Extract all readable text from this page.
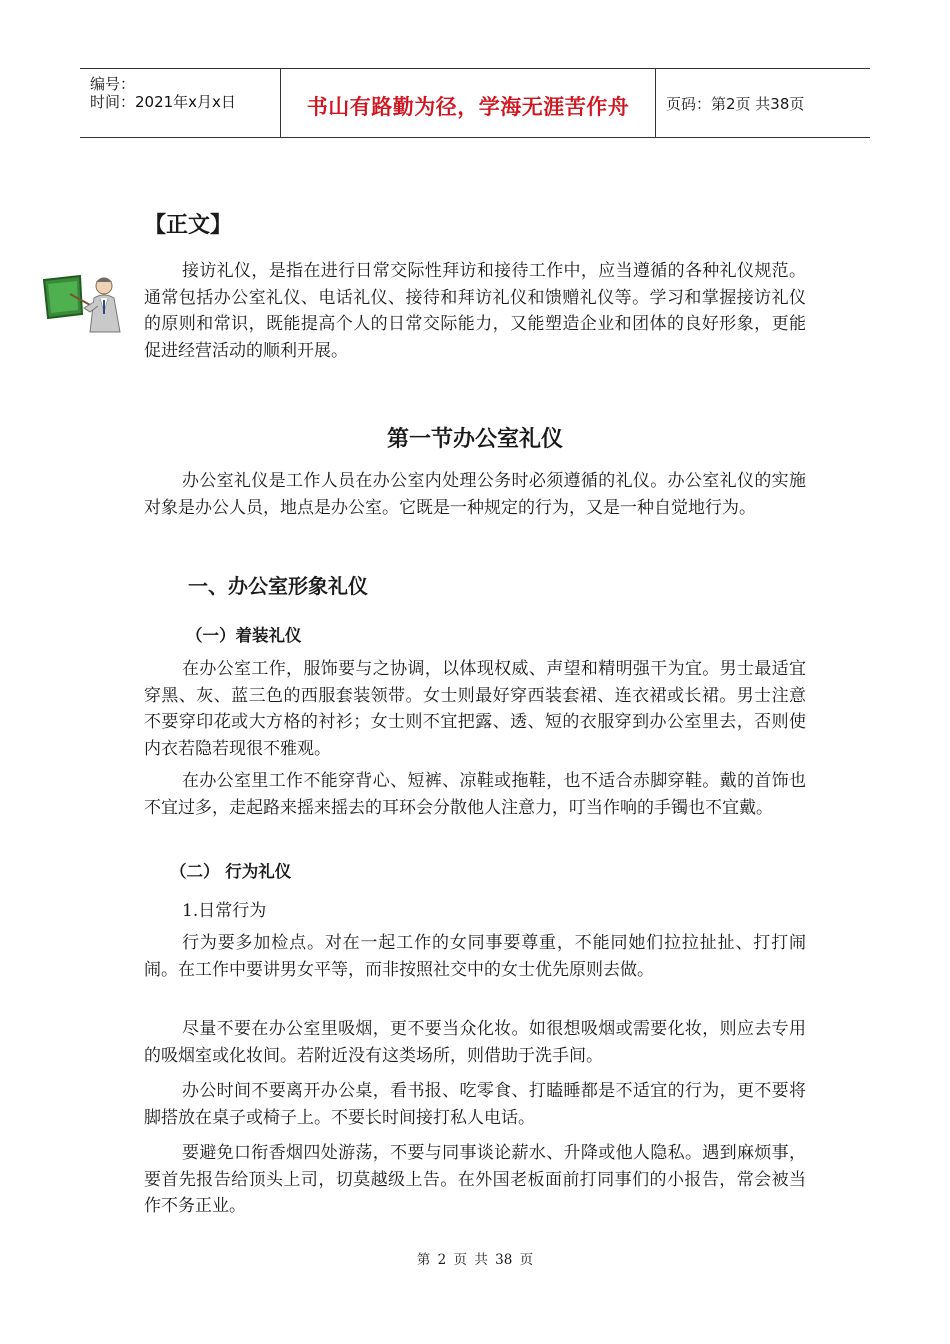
编号：
时间：2021年x月x日	书山有路勤为径，学海无涯苦作舟	页码：第2页 共38页
【正文】
接访礼仪，是指在进行日常交际性拜访和接待工作中，应当遵循的各种礼仪规范。通常包括办公室礼仪、电话礼仪、接待和拜访礼仪和馈赠礼仪等。学习和掌握接访礼仪的原则和常识，既能提高个人的日常交际能力，又能塑造企业和团体的良好形象，更能促进经营活动的顺利开展。
第一节办公室礼仪
办公室礼仪是工作人员在办公室内处理公务时必须遵循的礼仪。办公室礼仪的实施对象是办公人员，地点是办公室。它既是一种规定的行为，又是一种自觉地行为。
一、办公室形象礼仪
（一）着装礼仪
在办公室工作，服饰要与之协调，以体现权威、声望和精明强干为宜。男士最适宜穿黑、灰、蓝三色的西服套装领带。女士则最好穿西装套裙、连衣裙或长裙。男士注意不要穿印花或大方格的衬衫；女士则不宜把露、透、短的衣服穿到办公室里去，否则使内衣若隐若现很不雅观。
在办公室里工作不能穿背心、短裤、凉鞋或拖鞋，也不适合赤脚穿鞋。戴的首饰也不宜过多，走起路来摇来摇去的耳环会分散他人注意力，叮当作响的手镯也不宜戴。
（二） 行为礼仪
1.日常行为
行为要多加检点。对在一起工作的女同事要尊重，不能同她们拉拉扯扯、打打闹闹。在工作中要讲男女平等，而非按照社交中的女士优先原则去做。
尽量不要在办公室里吸烟，更不要当众化妆。如很想吸烟或需要化妆，则应去专用的吸烟室或化妆间。若附近没有这类场所，则借助于洗手间。
办公时间不要离开办公桌，看书报、吃零食、打瞌睡都是不适宜的行为，更不要将脚搭放在桌子或椅子上。不要长时间接打私人电话。
要避免口衔香烟四处游荡，不要与同事谈论薪水、升降或他人隐私。遇到麻烦事，要首先报告给顶头上司，切莫越级上告。在外国老板面前打同事们的小报告，常会被当作不务正业。
第 2 页 共 38 页
